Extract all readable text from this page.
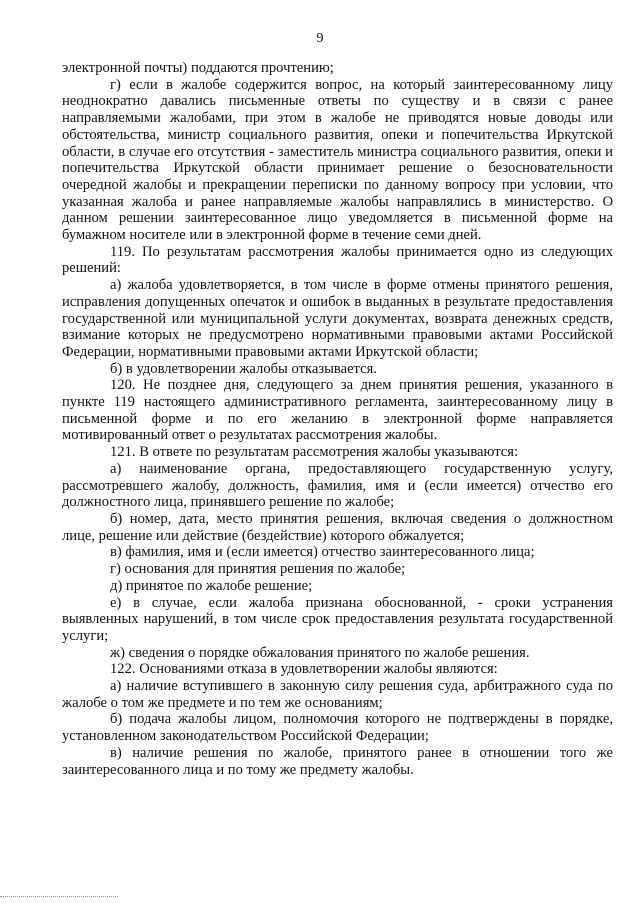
9

электронной почты) поддаются прочтению;

г) если в жалобе содержится вопрос, на который заинтересованному лицу неоднократно давались письменные ответы по существу и в связи с ранее направляемыми жалобами, при этом в жалобе не приводятся новые доводы или обстоятельства, министр социального развития, опеки и попечительства Иркутской области, в случае его отсутствия - заместитель министра социального развития, опеки и попечительства Иркутской области принимает решение о безосновательности очередной жалобы и прекращении переписки по данному вопросу при условии, что указанная жалоба и ранее направляемые жалобы направлялись в министерство. О данном решении заинтересованное лицо уведомляется в письменной форме на бумажном носителе или в электронной форме в течение семи дней.

119. По результатам рассмотрения жалобы принимается одно из следующих решений:

а) жалоба удовлетворяется, в том числе в форме отмены принятого решения, исправления допущенных опечаток и ошибок в выданных в результате предоставления государственной или муниципальной услуги документах, возврата денежных средств, взимание которых не предусмотрено нормативными правовыми актами Российской Федерации, нормативными правовыми актами Иркутской области;

б) в удовлетворении жалобы отказывается.

120. Не позднее дня, следующего за днем принятия решения, указанного в пункте 119 настоящего административного регламента, заинтересованному лицу в письменной форме и по его желанию в электронной форме направляется мотивированный ответ о результатах рассмотрения жалобы.

121. В ответе по результатам рассмотрения жалобы указываются:

а) наименование органа, предоставляющего государственную услугу, рассмотревшего жалобу, должность, фамилия, имя и (если имеется) отчество его должностного лица, принявшего решение по жалобе;

б) номер, дата, место принятия решения, включая сведения о должностном лице, решение или действие (бездействие) которого обжалуется;

в) фамилия, имя и (если имеется) отчество заинтересованного лица;

г) основания для принятия решения по жалобе;

д) принятое по жалобе решение;

е) в случае, если жалоба признана обоснованной, - сроки устранения выявленных нарушений, в том числе срок предоставления результата государственной услуги;

ж) сведения о порядке обжалования принятого по жалобе решения.

122. Основаниями отказа в удовлетворении жалобы являются:

а) наличие вступившего в законную силу решения суда, арбитражного суда по жалобе о том же предмете и по тем же основаниям;

б) подача жалобы лицом, полномочия которого не подтверждены в порядке, установленном законодательством Российской Федерации;

в) наличие решения по жалобе, принятого ранее в отношении того же заинтересованного лица и по тому же предмету жалобы.
